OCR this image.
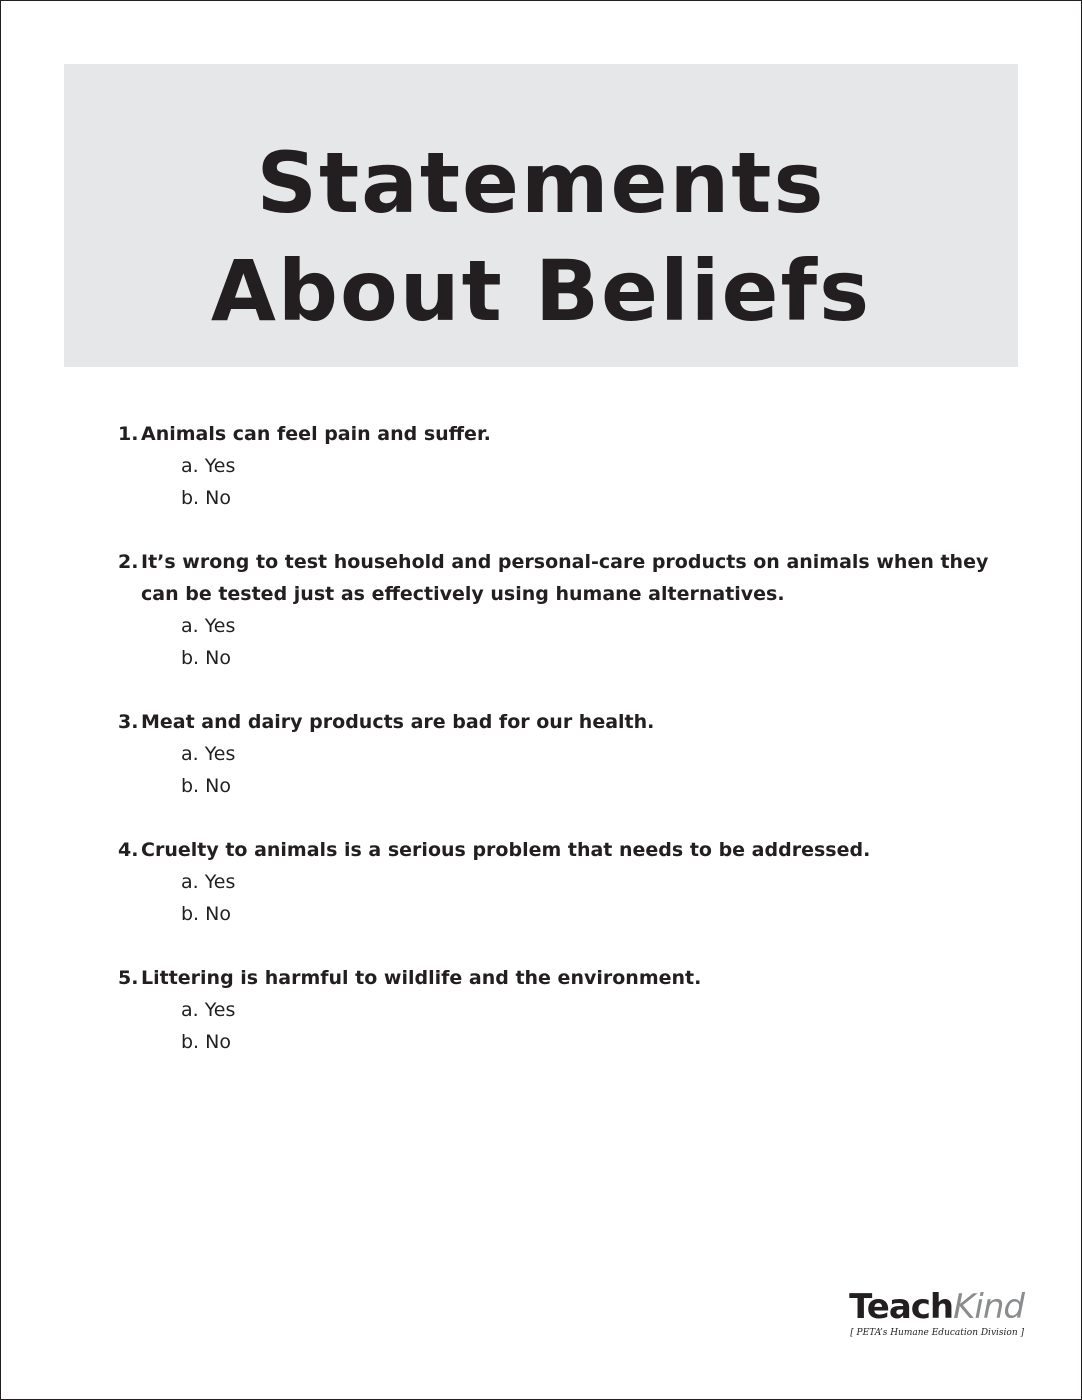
Statements
About Beliefs
1. Animals can feel pain and suffer.
a. Yes
b. No
2. It’s wrong to test household and personal-care products on animals when they can be tested just as effectively using humane alternatives.
a. Yes
b. No
3. Meat and dairy products are bad for our health.
a. Yes
b. No
4. Cruelty to animals is a serious problem that needs to be addressed.
a. Yes
b. No
5. Littering is harmful to wildlife and the environment.
a. Yes
b. No
TeachKind
[ PETA’s Humane Education Division ]
